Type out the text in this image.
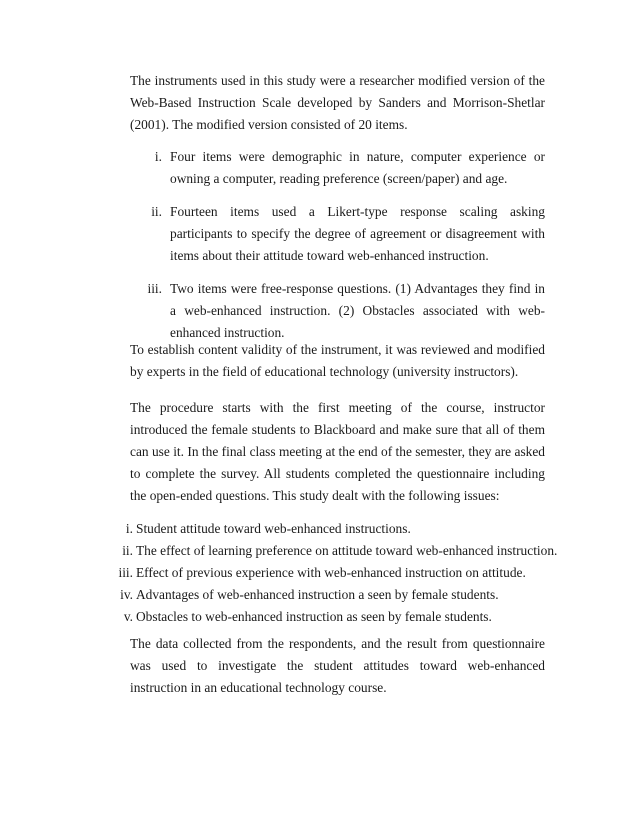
The instruments used in this study were a researcher modified version of the Web-Based Instruction Scale developed by Sanders and Morrison-Shetlar (2001). The modified version consisted of 20 items.

i. Four items were demographic in nature, computer experience or owning a computer, reading preference (screen/paper) and age.
ii. Fourteen items used a Likert-type response scaling asking participants to specify the degree of agreement or disagreement with items about their attitude toward web-enhanced instruction.
iii. Two items were free-response questions. (1) Advantages they find in a web-enhanced instruction. (2) Obstacles associated with web-enhanced instruction.

To establish content validity of the instrument, it was reviewed and modified by experts in the field of educational technology (university instructors).

The procedure starts with the first meeting of the course, instructor introduced the female students to Blackboard and make sure that all of them can use it. In the final class meeting at the end of the semester, they are asked to complete the survey. All students completed the questionnaire including the open-ended questions. This study dealt with the following issues:

i. Student attitude toward web-enhanced instructions.
ii. The effect of learning preference on attitude toward web-enhanced instruction.
iii. Effect of previous experience with web-enhanced instruction on attitude.
iv. Advantages of web-enhanced instruction a seen by female students.
v. Obstacles to web-enhanced instruction as seen by female students.

The data collected from the respondents, and the result from questionnaire was used to investigate the student attitudes toward web-enhanced instruction in an educational technology course.
